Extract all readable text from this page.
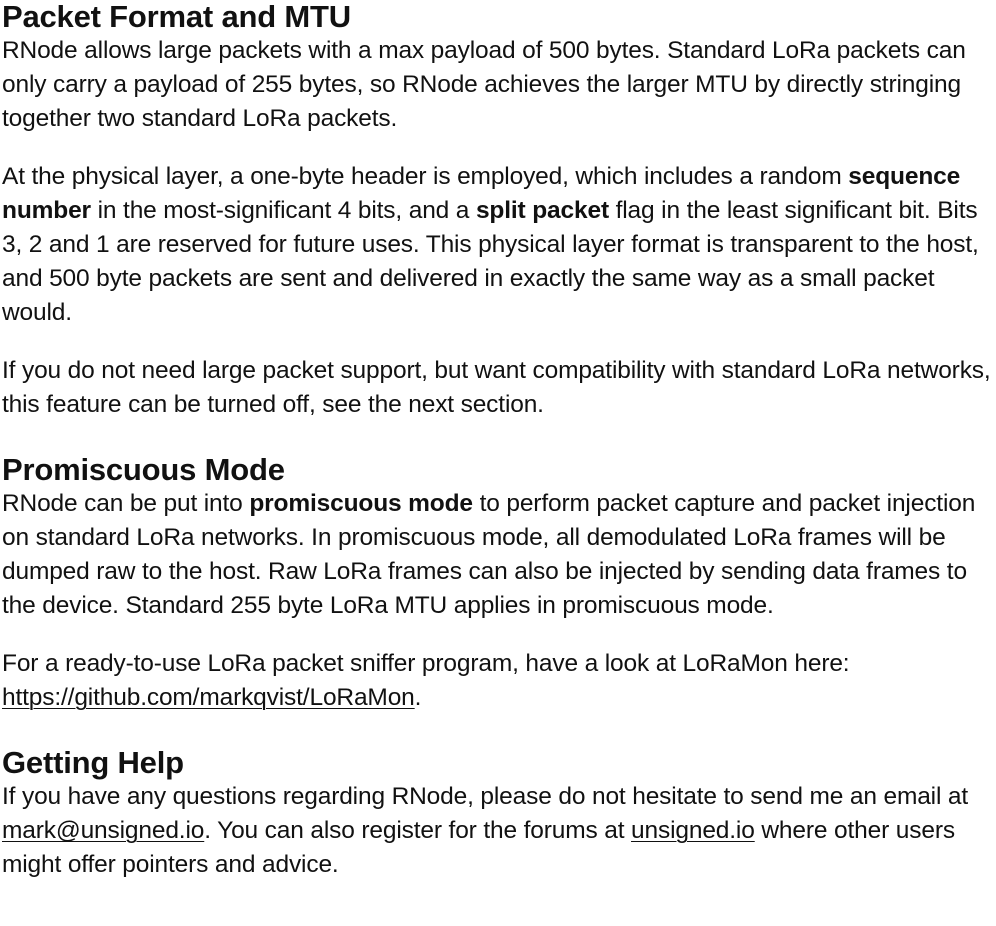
Packet Format and MTU

RNode allows large packets with a max payload of 500 bytes. Standard LoRa packets can only carry a payload of 255 bytes, so RNode achieves the larger MTU by directly stringing together two standard LoRa packets.

At the physical layer, a one-byte header is employed, which includes a random sequence number in the most-significant 4 bits, and a split packet flag in the least significant bit. Bits 3, 2 and 1 are reserved for future uses. This physical layer format is transparent to the host, and 500 byte packets are sent and delivered in exactly the same way as a small packet would.

If you do not need large packet support, but want compatibility with standard LoRa networks, this feature can be turned off, see the next section.

Promiscuous Mode

RNode can be put into promiscuous mode to perform packet capture and packet injection on standard LoRa networks. In promiscuous mode, all demodulated LoRa frames will be dumped raw to the host. Raw LoRa frames can also be injected by sending data frames to the device. Standard 255 byte LoRa MTU applies in promiscuous mode.

For a ready-to-use LoRa packet sniffer program, have a look at LoRaMon here: https://github.com/markqvist/LoRaMon.

Getting Help

If you have any questions regarding RNode, please do not hesitate to send me an email at mark@unsigned.io. You can also register for the forums at unsigned.io where other users might offer pointers and advice.
